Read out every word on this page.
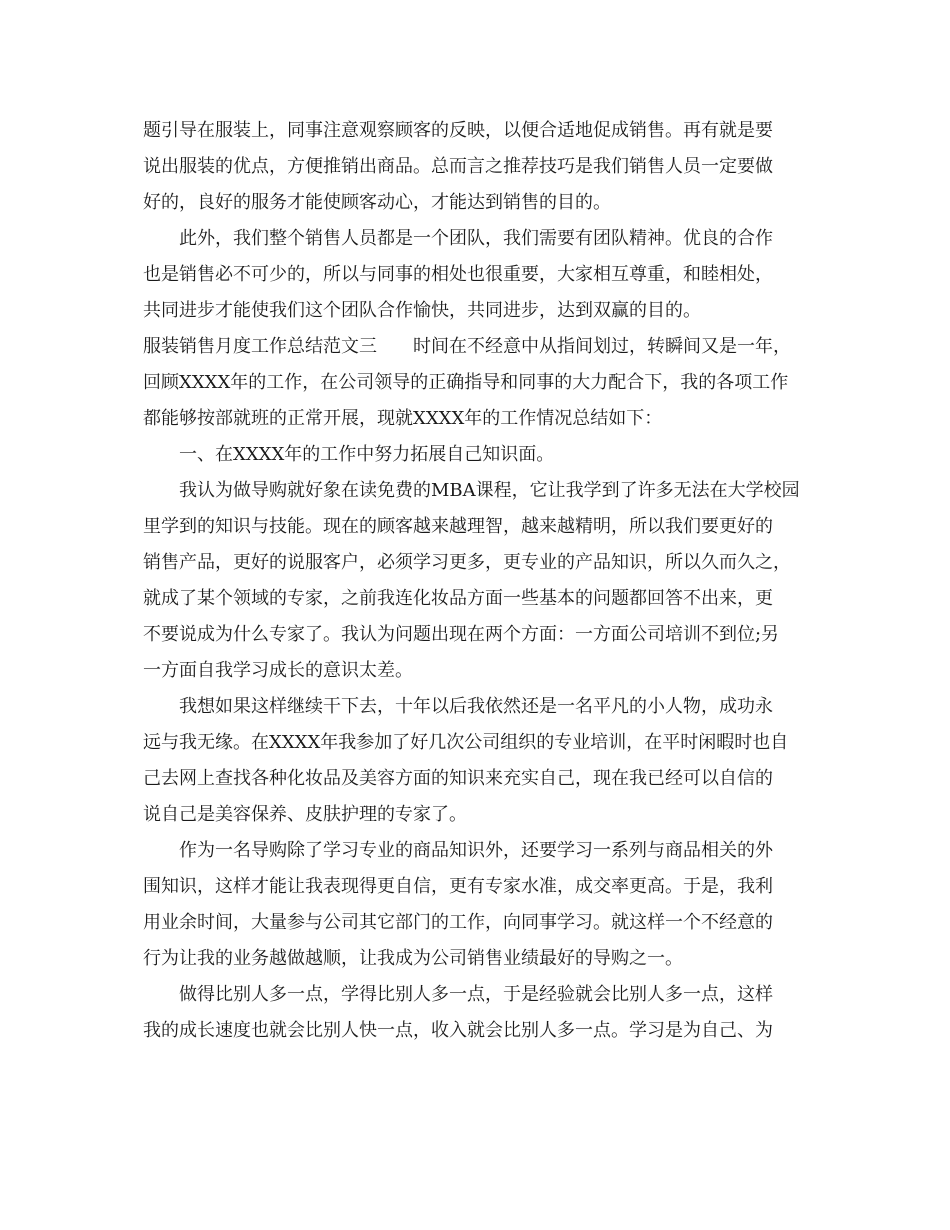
题引导在服装上，同事注意观察顾客的反映，以便合适地促成销售。再有就是要
说出服装的优点，方便推销出商品。总而言之推荐技巧是我们销售人员一定要做
好的，良好的服务才能使顾客动心，才能达到销售的目的。
此外，我们整个销售人员都是一个团队，我们需要有团队精神。优良的合作
也是销售必不可少的，所以与同事的相处也很重要，大家相互尊重，和睦相处，
共同进步才能使我们这个团队合作愉快，共同进步，达到双赢的目的。
服装销售月度工作总结范文三 时间在不经意中从指间划过，转瞬间又是一年，
回顾XXXX年的工作，在公司领导的正确指导和同事的大力配合下，我的各项工作
都能够按部就班的正常开展，现就XXXX年的工作情况总结如下：
一、在XXXX年的工作中努力拓展自己知识面。
我认为做导购就好象在读免费的MBA课程，它让我学到了许多无法在大学校园
里学到的知识与技能。现在的顾客越来越理智，越来越精明，所以我们要更好的
销售产品，更好的说服客户，必须学习更多，更专业的产品知识，所以久而久之，
就成了某个领域的专家，之前我连化妆品方面一些基本的问题都回答不出来，更
不要说成为什么专家了。我认为问题出现在两个方面：一方面公司培训不到位;另
一方面自我学习成长的意识太差。
我想如果这样继续干下去，十年以后我依然还是一名平凡的小人物，成功永
远与我无缘。在XXXX年我参加了好几次公司组织的专业培训，在平时闲暇时也自
己去网上查找各种化妆品及美容方面的知识来充实自己，现在我已经可以自信的
说自己是美容保养、皮肤护理的专家了。
作为一名导购除了学习专业的商品知识外，还要学习一系列与商品相关的外
围知识，这样才能让我表现得更自信，更有专家水准，成交率更高。于是，我利
用业余时间，大量参与公司其它部门的工作，向同事学习。就这样一个不经意的
行为让我的业务越做越顺，让我成为公司销售业绩最好的导购之一。
做得比别人多一点，学得比别人多一点，于是经验就会比别人多一点，这样
我的成长速度也就会比别人快一点，收入就会比别人多一点。学习是为自己、为
